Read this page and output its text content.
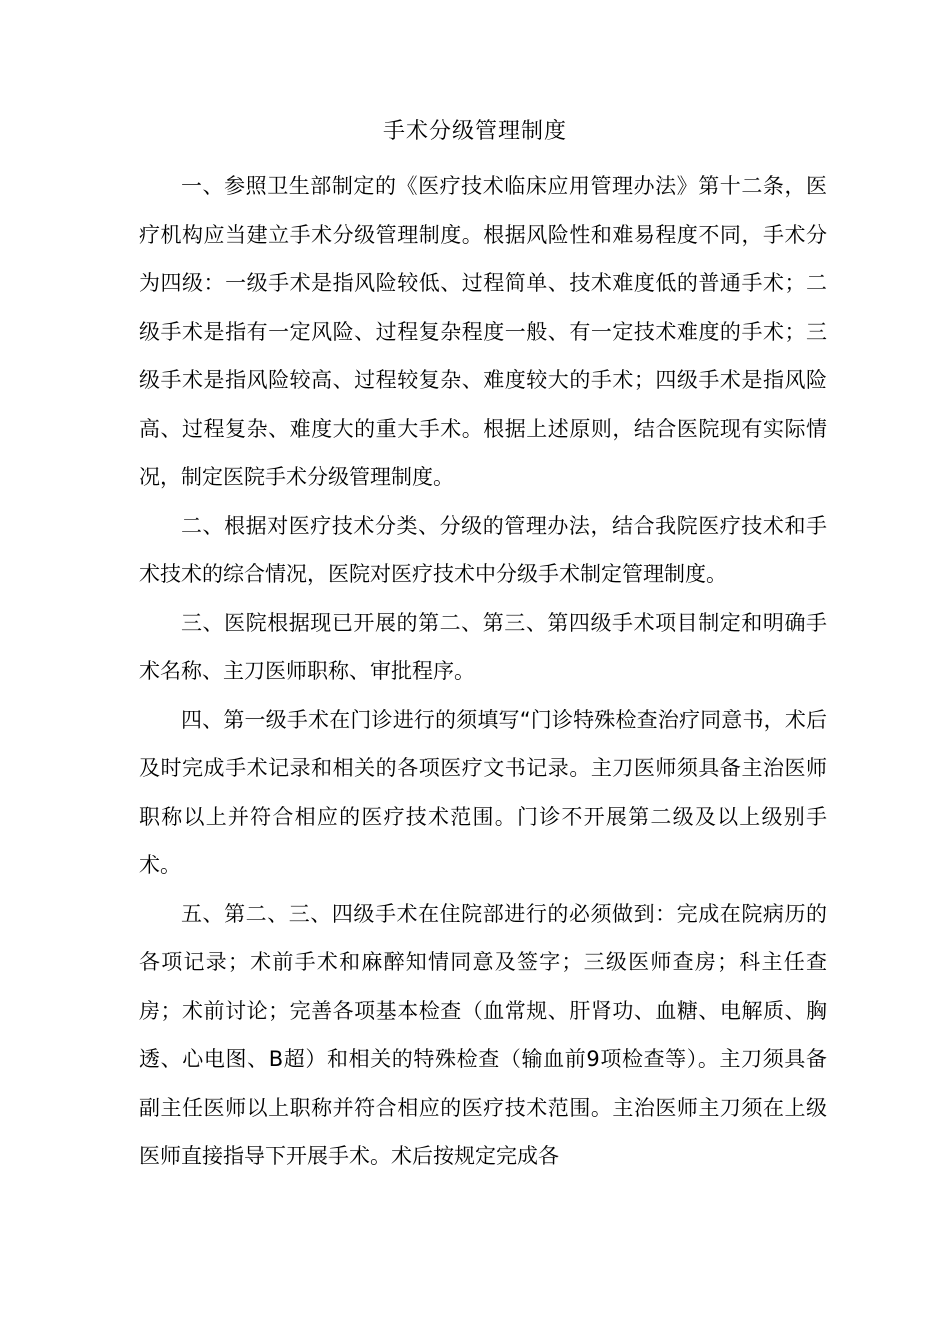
手术分级管理制度

一、参照卫生部制定的《医疗技术临床应用管理办法》第十二条，医疗机构应当建立手术分级管理制度。根据风险性和难易程度不同，手术分为四级：一级手术是指风险较低、过程简单、技术难度低的普通手术；二级手术是指有一定风险、过程复杂程度一般、有一定技术难度的手术；三级手术是指风险较高、过程较复杂、难度较大的手术；四级手术是指风险高、过程复杂、难度大的重大手术。根据上述原则，结合医院现有实际情况，制定医院手术分级管理制度。

二、根据对医疗技术分类、分级的管理办法，结合我院医疗技术和手术技术的综合情况，医院对医疗技术中分级手术制定管理制度。

三、医院根据现已开展的第二、第三、第四级手术项目制定和明确手术名称、主刀医师职称、审批程序。

四、第一级手术在门诊进行的须填写“门诊特殊检查治疗同意书，术后及时完成手术记录和相关的各项医疗文书记录。主刀医师须具备主治医师职称以上并符合相应的医疗技术范围。门诊不开展第二级及以上级别手术。

五、第二、三、四级手术在住院部进行的必须做到：完成在院病历的各项记录；术前手术和麻醉知情同意及签字；三级医师查房；科主任查房；术前讨论；完善各项基本检查（血常规、肝肾功、血糖、电解质、胸透、心电图、B超）和相关的特殊检查（输血前9项检查等）。主刀须具备副主任医师以上职称并符合相应的医疗技术范围。主治医师主刀须在上级医师直接指导下开展手术。术后按规定完成各
